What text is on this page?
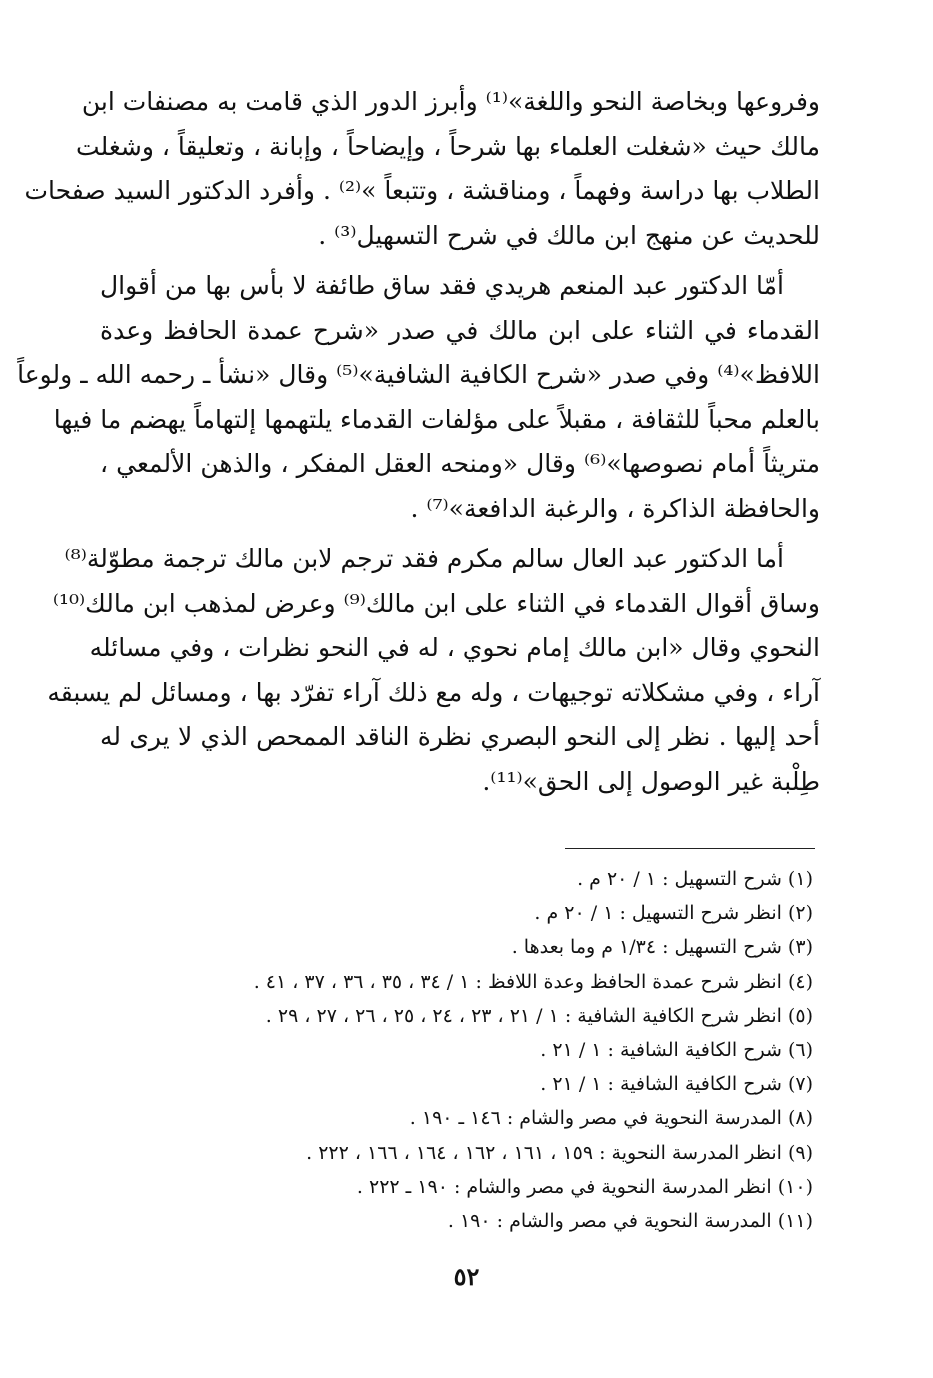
وفروعها وبخاصة النحو واللغة»⁽¹⁾ وأبرز الدور الذي قامت به مصنفات ابن
مالك حيث «شغلت العلماء بها شرحاً ، وإيضاحاً ، وإبانة ، وتعليقاً ، وشغلت
الطلاب بها دراسة وفهماً ، ومناقشة ، وتتبعاً »⁽²⁾ . وأفرد الدكتور السيد صفحات
للحديث عن منهج ابن مالك في شرح التسهيل⁽³⁾ .

أمّا الدكتور عبد المنعم هريدي فقد ساق طائفة لا بأس بها من أقوال
القدماء في الثناء على ابن مالك في صدر «شرح عمدة الحافظ وعدة
اللافظ»⁽⁴⁾ وفي صدر «شرح الكافية الشافية»⁽⁵⁾ وقال «نشأ ـ رحمه الله ـ ولوعاً
بالعلم محباً للثقافة ، مقبلاً على مؤلفات القدماء يلتهمها إلتهاماً يهضم ما فيها
متريثاً أمام نصوصها»⁽⁶⁾ وقال «ومنحه العقل المفكر ، والذهن الألمعي ،
والحافظة الذاكرة ، والرغبة الدافعة»⁽⁷⁾ .

أما الدكتور عبد العال سالم مكرم فقد ترجم لابن مالك ترجمة مطوّلة⁽⁸⁾
وساق أقوال القدماء في الثناء على ابن مالك⁽⁹⁾ وعرض لمذهب ابن مالك⁽¹⁰⁾
النحوي وقال «ابن مالك إمام نحوي ، له في النحو نظرات ، وفي مسائله
آراء ، وفي مشكلاته توجيهات ، وله مع ذلك آراء تفرّد بها ، ومسائل لم يسبقه
أحد إليها . نظر إلى النحو البصري نظرة الناقد الممحص الذي لا يرى له
طِلْبة غير الوصول إلى الحق»⁽¹¹⁾.

(١) شرح التسهيل : ١ / ٢٠ م .
(٢) انظر شرح التسهيل : ١ / ٢٠ م .
(٣) شرح التسهيل : ١/٣٤ م وما بعدها .
(٤) انظر شرح عمدة الحافظ وعدة اللافظ : ١ / ٣٤ ، ٣٥ ، ٣٦ ، ٣٧ ، ٤١ .
(٥) انظر شرح الكافية الشافية : ١ / ٢١ ، ٢٣ ، ٢٤ ، ٢٥ ، ٢٦ ، ٢٧ ، ٢٩ .
(٦) شرح الكافية الشافية : ١ / ٢١ .
(٧) شرح الكافية الشافية : ١ / ٢١ .
(٨) المدرسة النحوية في مصر والشام : ١٤٦ ـ ١٩٠ .
(٩) انظر المدرسة النحوية : ١٥٩ ، ١٦١ ، ١٦٢ ، ١٦٤ ، ١٦٦ ، ٢٢٢ .
(١٠) انظر المدرسة النحوية في مصر والشام : ١٩٠ ـ ٢٢٢ .
(١١) المدرسة النحوية في مصر والشام : ١٩٠ .
٥٢
